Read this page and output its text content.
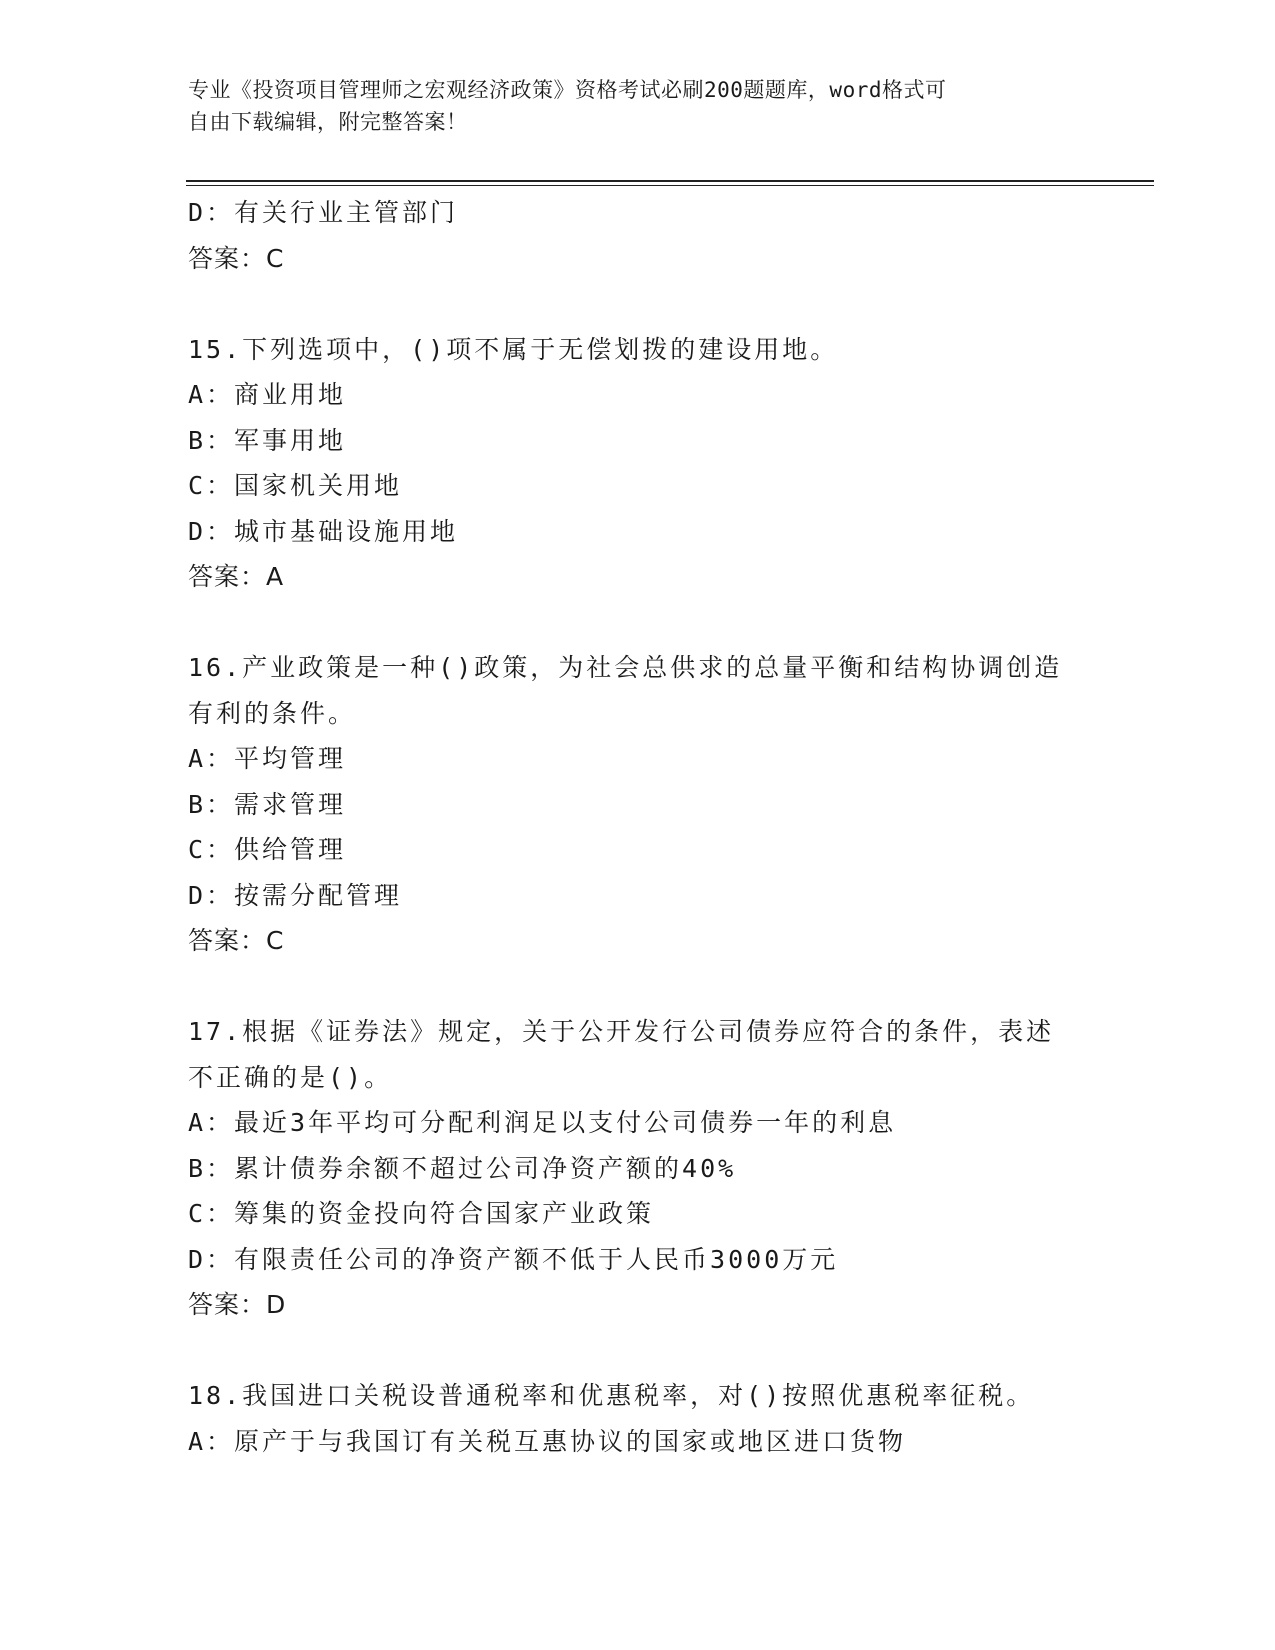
专业《投资项目管理师之宏观经济政策》资格考试必刷200题题库，word格式可
自由下载编辑，附完整答案！
D：有关行业主管部门
答案：C
15.下列选项中，()项不属于无偿划拨的建设用地。
A：商业用地
B：军事用地
C：国家机关用地
D：城市基础设施用地
答案：A
16.产业政策是一种()政策，为社会总供求的总量平衡和结构协调创造
有利的条件。
A：平均管理
B：需求管理
C：供给管理
D：按需分配管理
答案：C
17.根据《证券法》规定，关于公开发行公司债券应符合的条件，表述
不正确的是()。
A：最近3年平均可分配利润足以支付公司债券一年的利息
B：累计债券余额不超过公司净资产额的40%
C：筹集的资金投向符合国家产业政策
D：有限责任公司的净资产额不低于人民币3000万元
答案：D
18.我国进口关税设普通税率和优惠税率，对()按照优惠税率征税。
A：原产于与我国订有关税互惠协议的国家或地区进口货物
